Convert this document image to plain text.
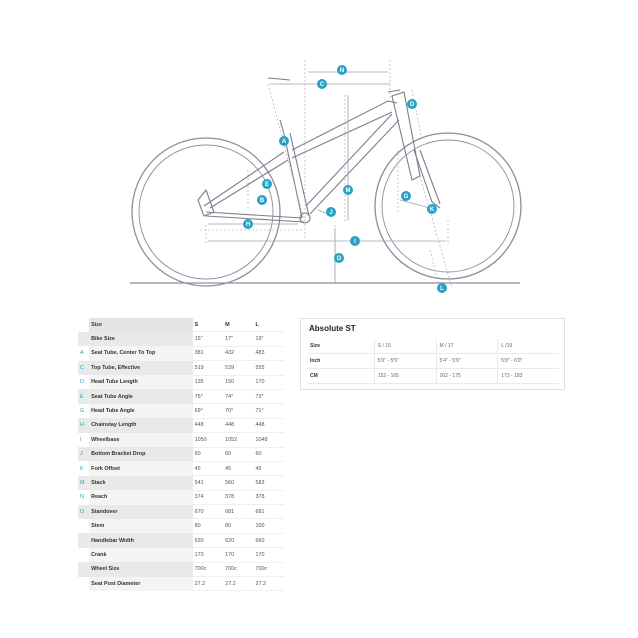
N
C
D
A
M
E
B
G
H
J	K
I
O
L
	Size	S	M	L
	Bike Size	15"	17"	19"
A	Seat Tube, Center To Top	381	432	483
C	Top Tube, Effective	519	539	555
D	Head Tube Length	135	150	170
E	Seat Tube Angle	75°	74°	73°
G	Head Tube Angle	69°	70°	71°
H	Chainstay Length	448	448	448
I	Wheelbase	1050	1052	1048
J	Bottom Bracket Drop	60	60	60
K	Fork Offset	45	45	45
M	Stack	541	560	583
N	Reach	374	378	378
O	Standover	670	681	681
	Stem	80	80	100
	Handlebar Width	620	620	660
	Crank	170	170	170
	Wheel Size	700c	700c	700c
	Seat Post Diameter	27.2	27.2	27.2
Absolute ST
Size	S / 15	M / 17	L /19
Inch	5'0" - 5'5"	5'4" - 5'9"	5'8" - 6'0"
CM	152 - 165	162 - 175	173 - 183
